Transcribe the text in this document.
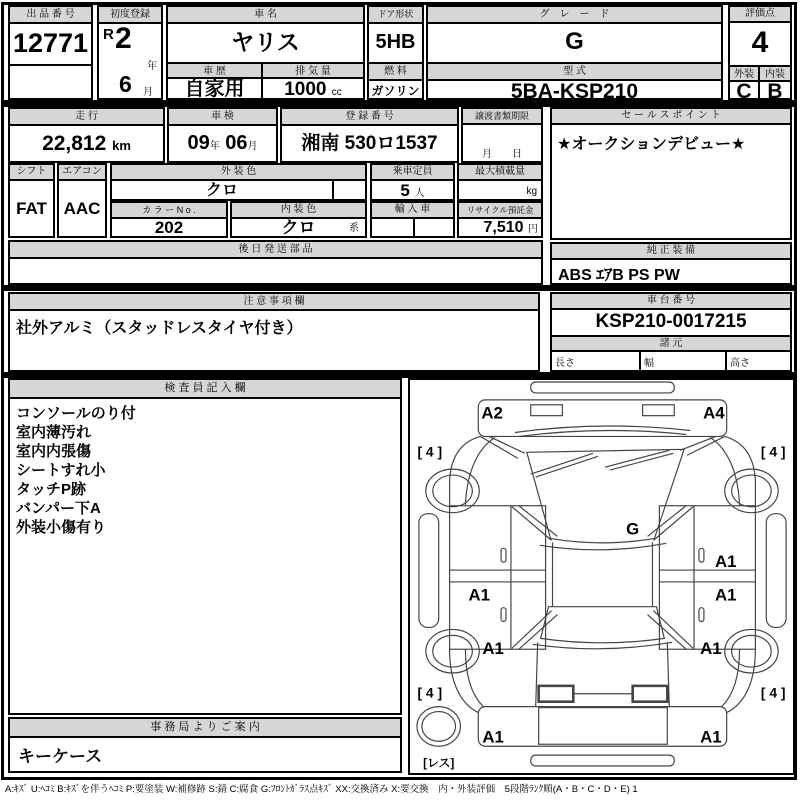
出 品 番 号
12771
初度登録
R 2
年
6 月
車 名
ヤリス
車 歴	排 気 量
自家用	1000 cc
ドア形状
5HB
燃 料
ガソリン
グ　レ　ー　ド
G
型 式
5BA-KSP210
評価点
4
外装	内装
C B
走 行
22,812 km
車 検
09年 06月
登 録 番 号
湘南 530ロ1537
譲渡書類期限
月　　日
セ ー ル ス ポ イ ン ト
★オークションデビュー★
シフト
FAT
エアコン
AAC
外 装 色
クロ
乗車定員
5 人
最大積載量
kg
カ ラ ー N o .
202
内 装 色
クロ	系
輸 入 車	リサイクル預託金
7,510 円
後 日 発 送 部 品	純 正 装 備
ABS ｴｱB PS PW
注 意 事 項 欄
社外アルミ（スタッドレスタイヤ付き）
車 台 番 号
KSP210-0017215
諸 元
長さ	幅	高さ
検 査 員 記 入 欄
コンソールのり付
室内薄汚れ
室内内張傷
シートすれ小
タッチP跡
バンパー下A
外装小傷有り
事 務 局 よ り ご 案 内
キーケース
A2	A4
[ 4 ]	[ 4 ]
G
A1
A1	A1
A1	A1
[ 4 ]	[ 4 ]
A1	A1
[レス]
A:ｷｽﾞ U:ﾍｺﾐ B:ｷｽﾞを伴うﾍｺﾐ P:要塗装 W:補修跡 S:錆 C:腐食 G:ﾌﾛﾝﾄｶﾞﾗｽ点ｷｽﾞ XX:交換済み X:要交換　内・外装評価　5段階ﾗﾝｸ順(A・B・C・D・E) 1
